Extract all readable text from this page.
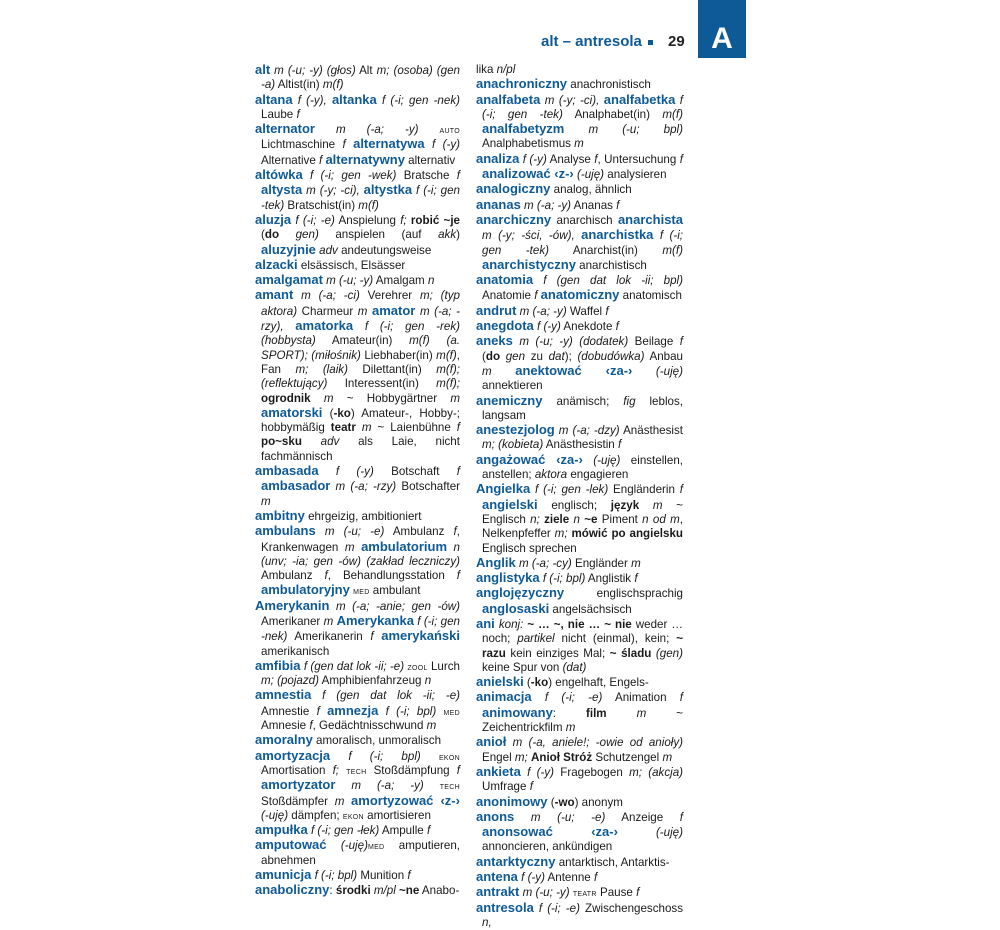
alt – antresola 29 A

alt m (-u; -y) (głos) Alt m; (osoba) (gen -a) Altist(in) m(f)

altana f (-y), altanka f (-i; gen -nek) Laube f

alternator m (-a; -y) auto Lichtmaschine f alternatywa f (-y) Alternative f alternatywny alternativ

altówka f (-i; gen -wek) Bratsche f altysta m (-y; -ci), altystka f (-i; gen -tek) Bratschist(in) m(f)

aluzja f (-i; -e) Anspielung f; robić ~je (do gen) anspielen (auf akk) aluzyjnie adv andeutungsweise

alzacki elsässisch, Elsässer

amalgamat m (-u; -y) Amalgam n

amant m (-a; -ci) Verehrer m; (typ aktora) Charmeur m amator m (-a; -rzy), amatorka f (-i; gen -rek) (hobbysta) Amateur(in) m(f) (a. SPORT); (miłośnik) Liebhaber(in) m(f), Fan m; (laik) Dilettant(in) m(f); (reflektujący) Interessent(in) m(f); ogrodnik m ~ Hobbygärtner m amatorski (-ko) Amateur-, Hobby-; hobbymäßig teatr m ~ Laienbühne f po~sku adv als Laie, nicht fachmännisch

ambasada f (-y) Botschaft f ambasador m (-a; -rzy) Botschafter m

ambitny ehrgeizig, ambitioniert

ambulans m (-u; -e) Ambulanz f, Krankenwagen m ambulatorium n (unv; -ia; gen -ów) (zakład leczniczy) Ambulanz f, Behandlungsstation f ambulatoryjny med ambulant

Amerykanin m (-a; -anie; gen -ów) Amerikaner m Amerykanka f (-i; gen -nek) Amerikanerin f amerykański amerikanisch

amfibia f (gen dat lok -ii; -e) zool Lurch m; (pojazd) Amphibienfahrzeug n

amnestia f (gen dat lok -ii; -e) Amnestie f amnezja f (-i; bpl) med Amnesie f, Gedächtnisschwund m

amoralny amoralisch, unmoralisch

amortyzacja f (-i; bpl) ekon Amortisation f; tech Stoßdämpfung f amortyzator m (-a; -y) tech Stoßdämpfer m amortyzować ‹z-› (-uję) dämpfen; ekon amortisieren

ampułka f (-i; gen -łek) Ampulle f

amputować (-uję)med amputieren, abnehmen

amunicja f (-i; bpl) Munition f

anaboliczny: środki m/pl ~ne Anabo-

lika n/pl

anachroniczny anachronistisch

analfabeta m (-y; -ci), analfabetka f (-i; gen -tek) Analphabet(in) m(f) analfabetyzm m (-u; bpl) Analphabetismus m

analiza f (-y) Analyse f, Untersuchung f analizować ‹z-› (-uję) analysieren

analogiczny analog, ähnlich

ananas m (-a; -y) Ananas f

anarchiczny anarchisch anarchista m (-y; -ści, -ów), anarchistka f (-i; gen -tek) Anarchist(in) m(f) anarchistyczny anarchistisch

anatomia f (gen dat lok -ii; bpl) Anatomie f anatomiczny anatomisch

andrut m (-a; -y) Waffel f

anegdota f (-y) Anekdote f

aneks m (-u; -y) (dodatek) Beilage f (do gen zu dat); (dobudówka) Anbau m anektować ‹za-› (-uję) annektieren

anemiczny anämisch; fig leblos, langsam

anestezjolog m (-a; -dzy) Anästhesist m; (kobieta) Anästhesistin f

angażować ‹za-› (-uję) einstellen, anstellen; aktora engagieren

Angielka f (-i; gen -lek) Engländerin f angielski englisch; język m ~ Englisch n; ziele n ~e Piment n od m, Nelkenpfeffer m; mówić po angielsku Englisch sprechen

Anglik m (-a; -cy) Engländer m

anglistyka f (-i; bpl) Anglistik f

anglojęzyczny englischsprachig anglosaski angelsächsisch

ani konj: ~ … ~, nie … ~ nie weder … noch; partikel nicht (einmal), kein; ~ razu kein einziges Mal; ~ śladu (gen) keine Spur von (dat)

anielski (-ko) engelhaft, Engels-

animacja f (-i; -e) Animation f animowany: film m ~ Zeichentrickfilm m

anioł m (-a, aniele!; -owie od anioły) Engel m; Anioł Stróż Schutzengel m

ankieta f (-y) Fragebogen m; (akcja) Umfrage f

anonimowy (-wo) anonym

anons m (-u; -e) Anzeige f anonsować ‹za-› (-uję) annoncieren, ankündigen

antarktyczny antarktisch, Antarktis-

antena f (-y) Antenne f

antrakt m (-u; -y) teatr Pause f

antresola f (-i; -e) Zwischengeschoss n,
